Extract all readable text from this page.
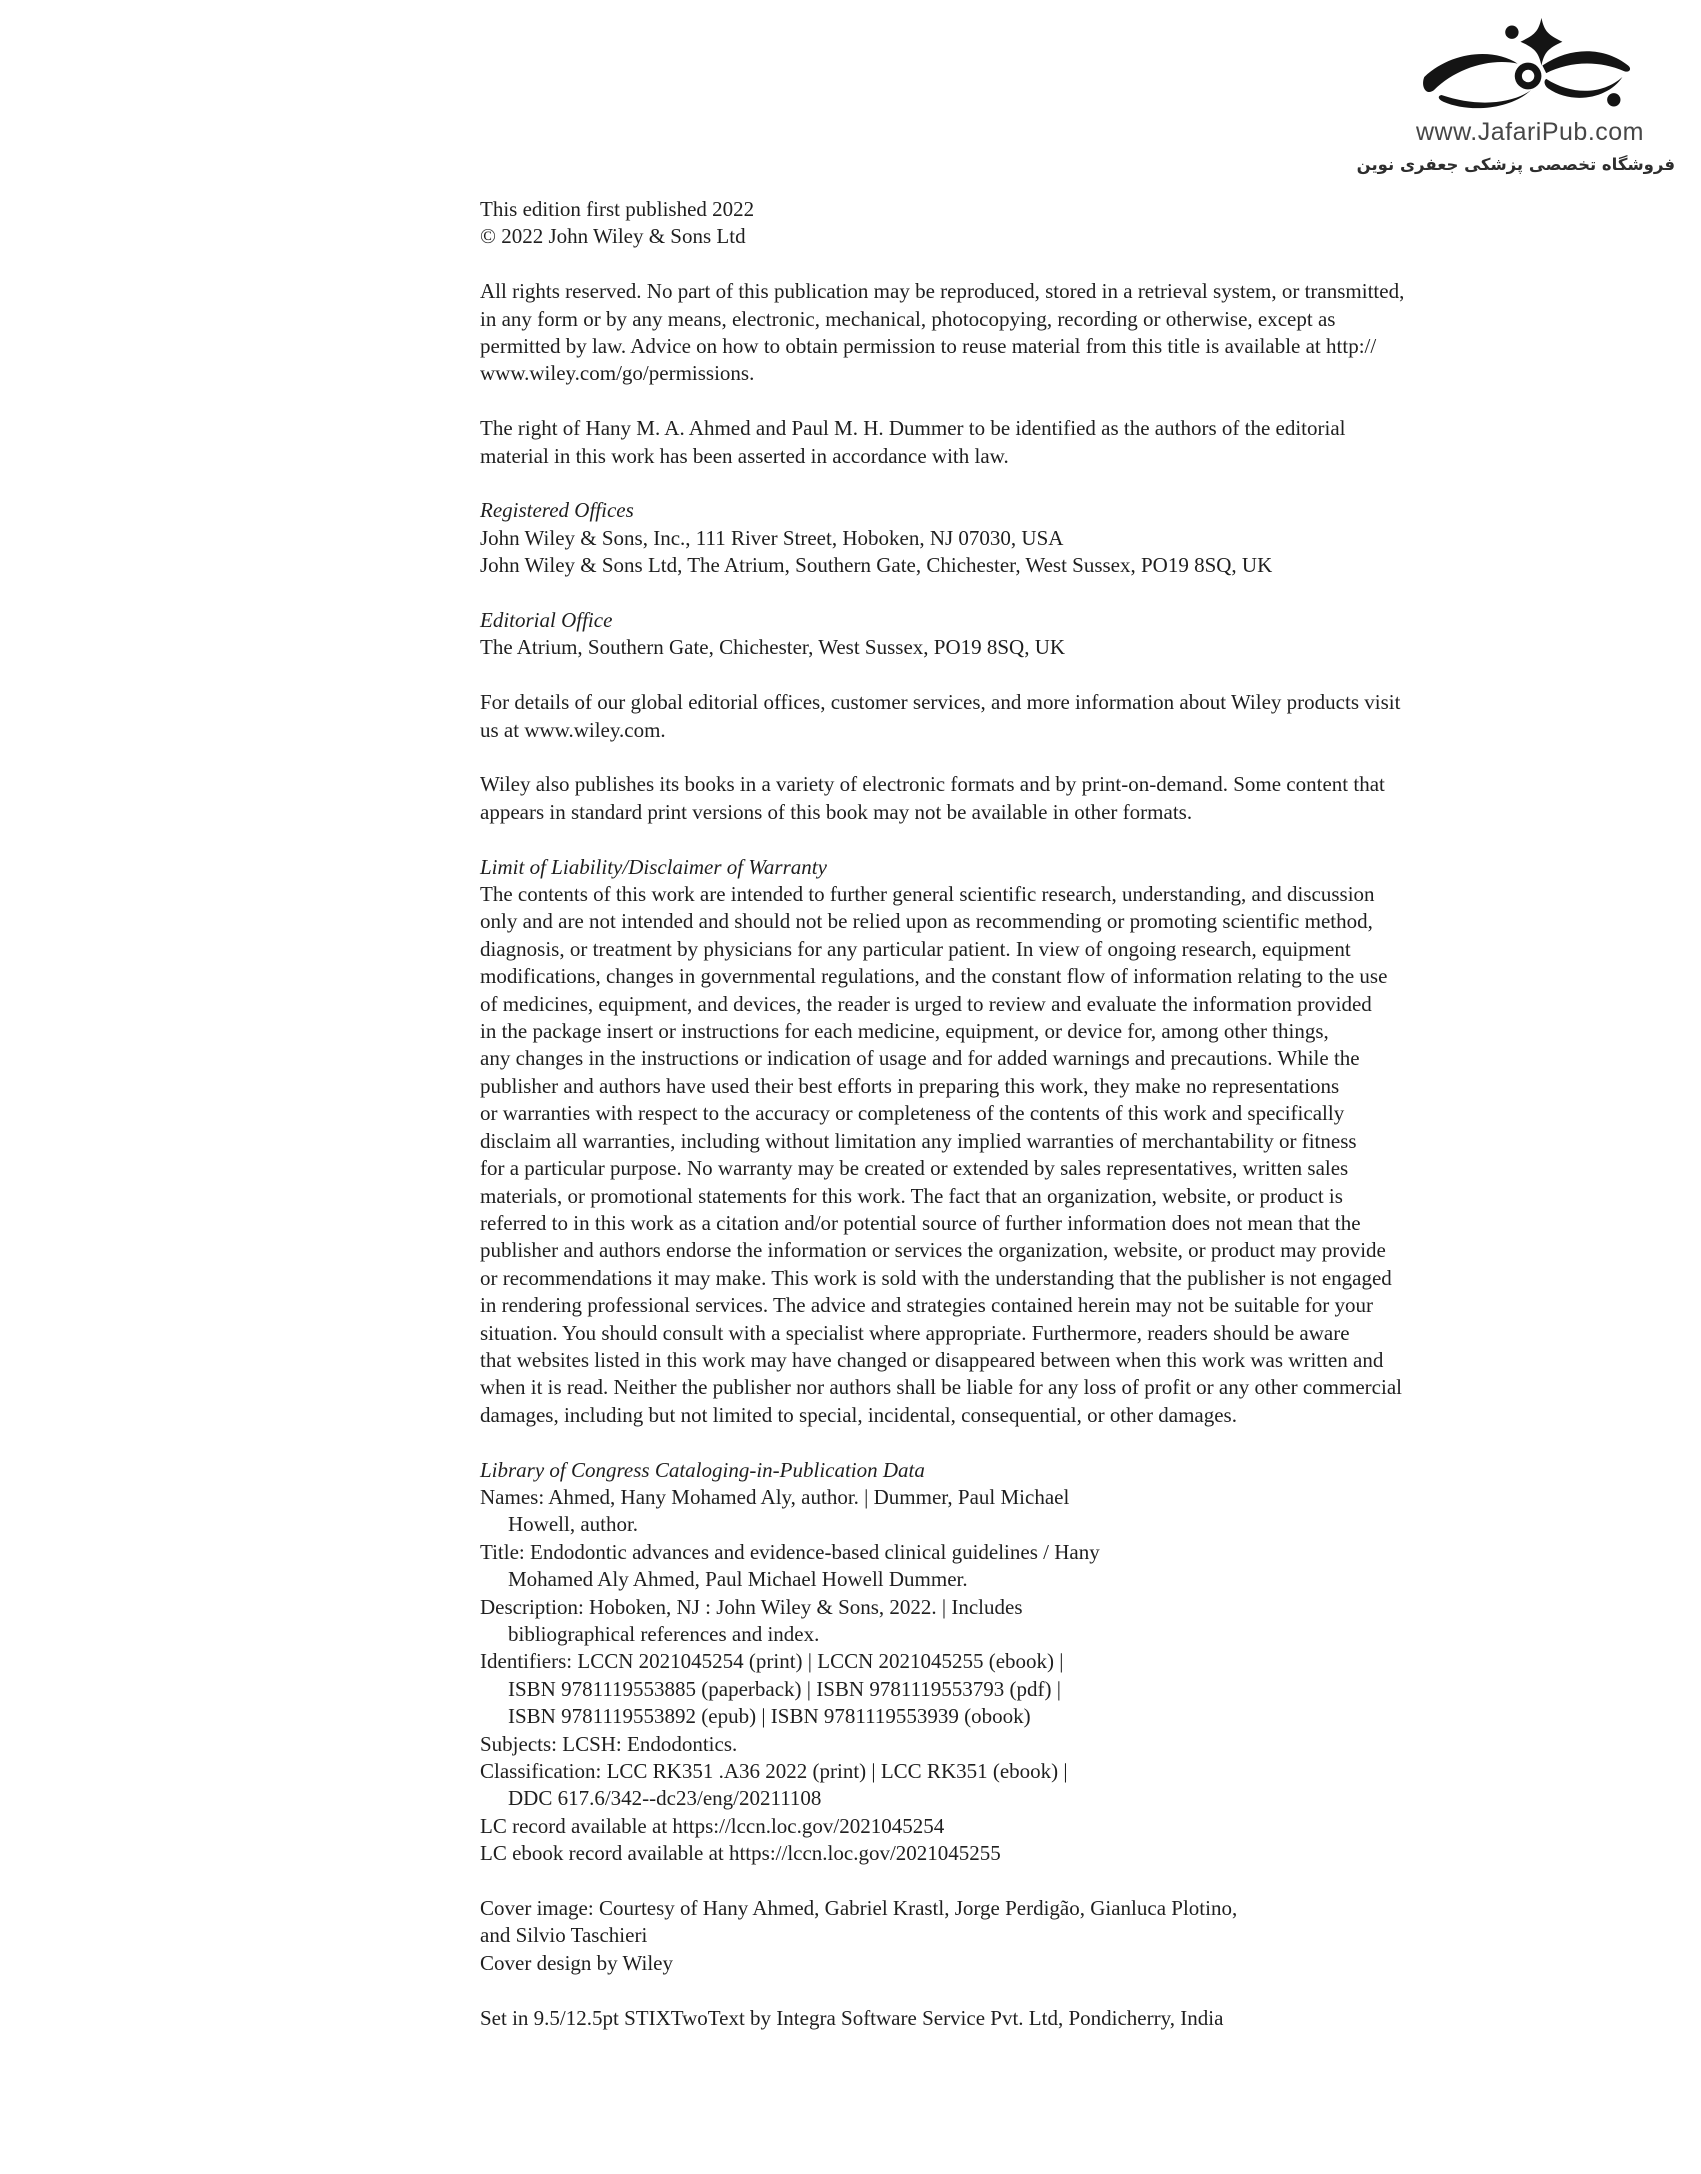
www.JafariPub.com
فروشگاه تخصصی پزشکی جعفری نوین
This edition first published 2022
© 2022 John Wiley & Sons Ltd
All rights reserved. No part of this publication may be reproduced, stored in a retrieval system, or transmitted,
in any form or by any means, electronic, mechanical, photocopying, recording or otherwise, except as
permitted by law. Advice on how to obtain permission to reuse material from this title is available at http://
www.wiley.com/go/permissions.
The right of Hany M. A. Ahmed and Paul M. H. Dummer to be identified as the authors of the editorial
material in this work has been asserted in accordance with law.
Registered Offices
John Wiley & Sons, Inc., 111 River Street, Hoboken, NJ 07030, USA
John Wiley & Sons Ltd, The Atrium, Southern Gate, Chichester, West Sussex, PO19 8SQ, UK
Editorial Office
The Atrium, Southern Gate, Chichester, West Sussex, PO19 8SQ, UK
For details of our global editorial offices, customer services, and more information about Wiley products visit
us at www.wiley.com.
Wiley also publishes its books in a variety of electronic formats and by print-on-demand. Some content that
appears in standard print versions of this book may not be available in other formats.
Limit of Liability/Disclaimer of Warranty
The contents of this work are intended to further general scientific research, understanding, and discussion
only and are not intended and should not be relied upon as recommending or promoting scientific method,
diagnosis, or treatment by physicians for any particular patient. In view of ongoing research, equipment
modifications, changes in governmental regulations, and the constant flow of information relating to the use
of medicines, equipment, and devices, the reader is urged to review and evaluate the information provided
in the package insert or instructions for each medicine, equipment, or device for, among other things,
any changes in the instructions or indication of usage and for added warnings and precautions. While the
publisher and authors have used their best efforts in preparing this work, they make no representations
or warranties with respect to the accuracy or completeness of the contents of this work and specifically
disclaim all warranties, including without limitation any implied warranties of merchantability or fitness
for a particular purpose. No warranty may be created or extended by sales representatives, written sales
materials, or promotional statements for this work. The fact that an organization, website, or product is
referred to in this work as a citation and/or potential source of further information does not mean that the
publisher and authors endorse the information or services the organization, website, or product may provide
or recommendations it may make. This work is sold with the understanding that the publisher is not engaged
in rendering professional services. The advice and strategies contained herein may not be suitable for your
situation. You should consult with a specialist where appropriate. Furthermore, readers should be aware
that websites listed in this work may have changed or disappeared between when this work was written and
when it is read. Neither the publisher nor authors shall be liable for any loss of profit or any other commercial
damages, including but not limited to special, incidental, consequential, or other damages.
Library of Congress Cataloging-in-Publication Data
Names: Ahmed, Hany Mohamed Aly, author. | Dummer, Paul Michael
Howell, author.
Title: Endodontic advances and evidence-based clinical guidelines / Hany
Mohamed Aly Ahmed, Paul Michael Howell Dummer.
Description: Hoboken, NJ : John Wiley & Sons, 2022. | Includes
bibliographical references and index.
Identifiers: LCCN 2021045254 (print) | LCCN 2021045255 (ebook) |
ISBN 9781119553885 (paperback) | ISBN 9781119553793 (pdf) |
ISBN 9781119553892 (epub) | ISBN 9781119553939 (obook)
Subjects: LCSH: Endodontics.
Classification: LCC RK351 .A36 2022 (print) | LCC RK351 (ebook) |
DDC 617.6/342--dc23/eng/20211108
LC record available at https://lccn.loc.gov/2021045254
LC ebook record available at https://lccn.loc.gov/2021045255
Cover image: Courtesy of Hany Ahmed, Gabriel Krastl, Jorge Perdigão, Gianluca Plotino,
and Silvio Taschieri
Cover design by Wiley
Set in 9.5/12.5pt STIXTwoText by Integra Software Service Pvt. Ltd, Pondicherry, India
